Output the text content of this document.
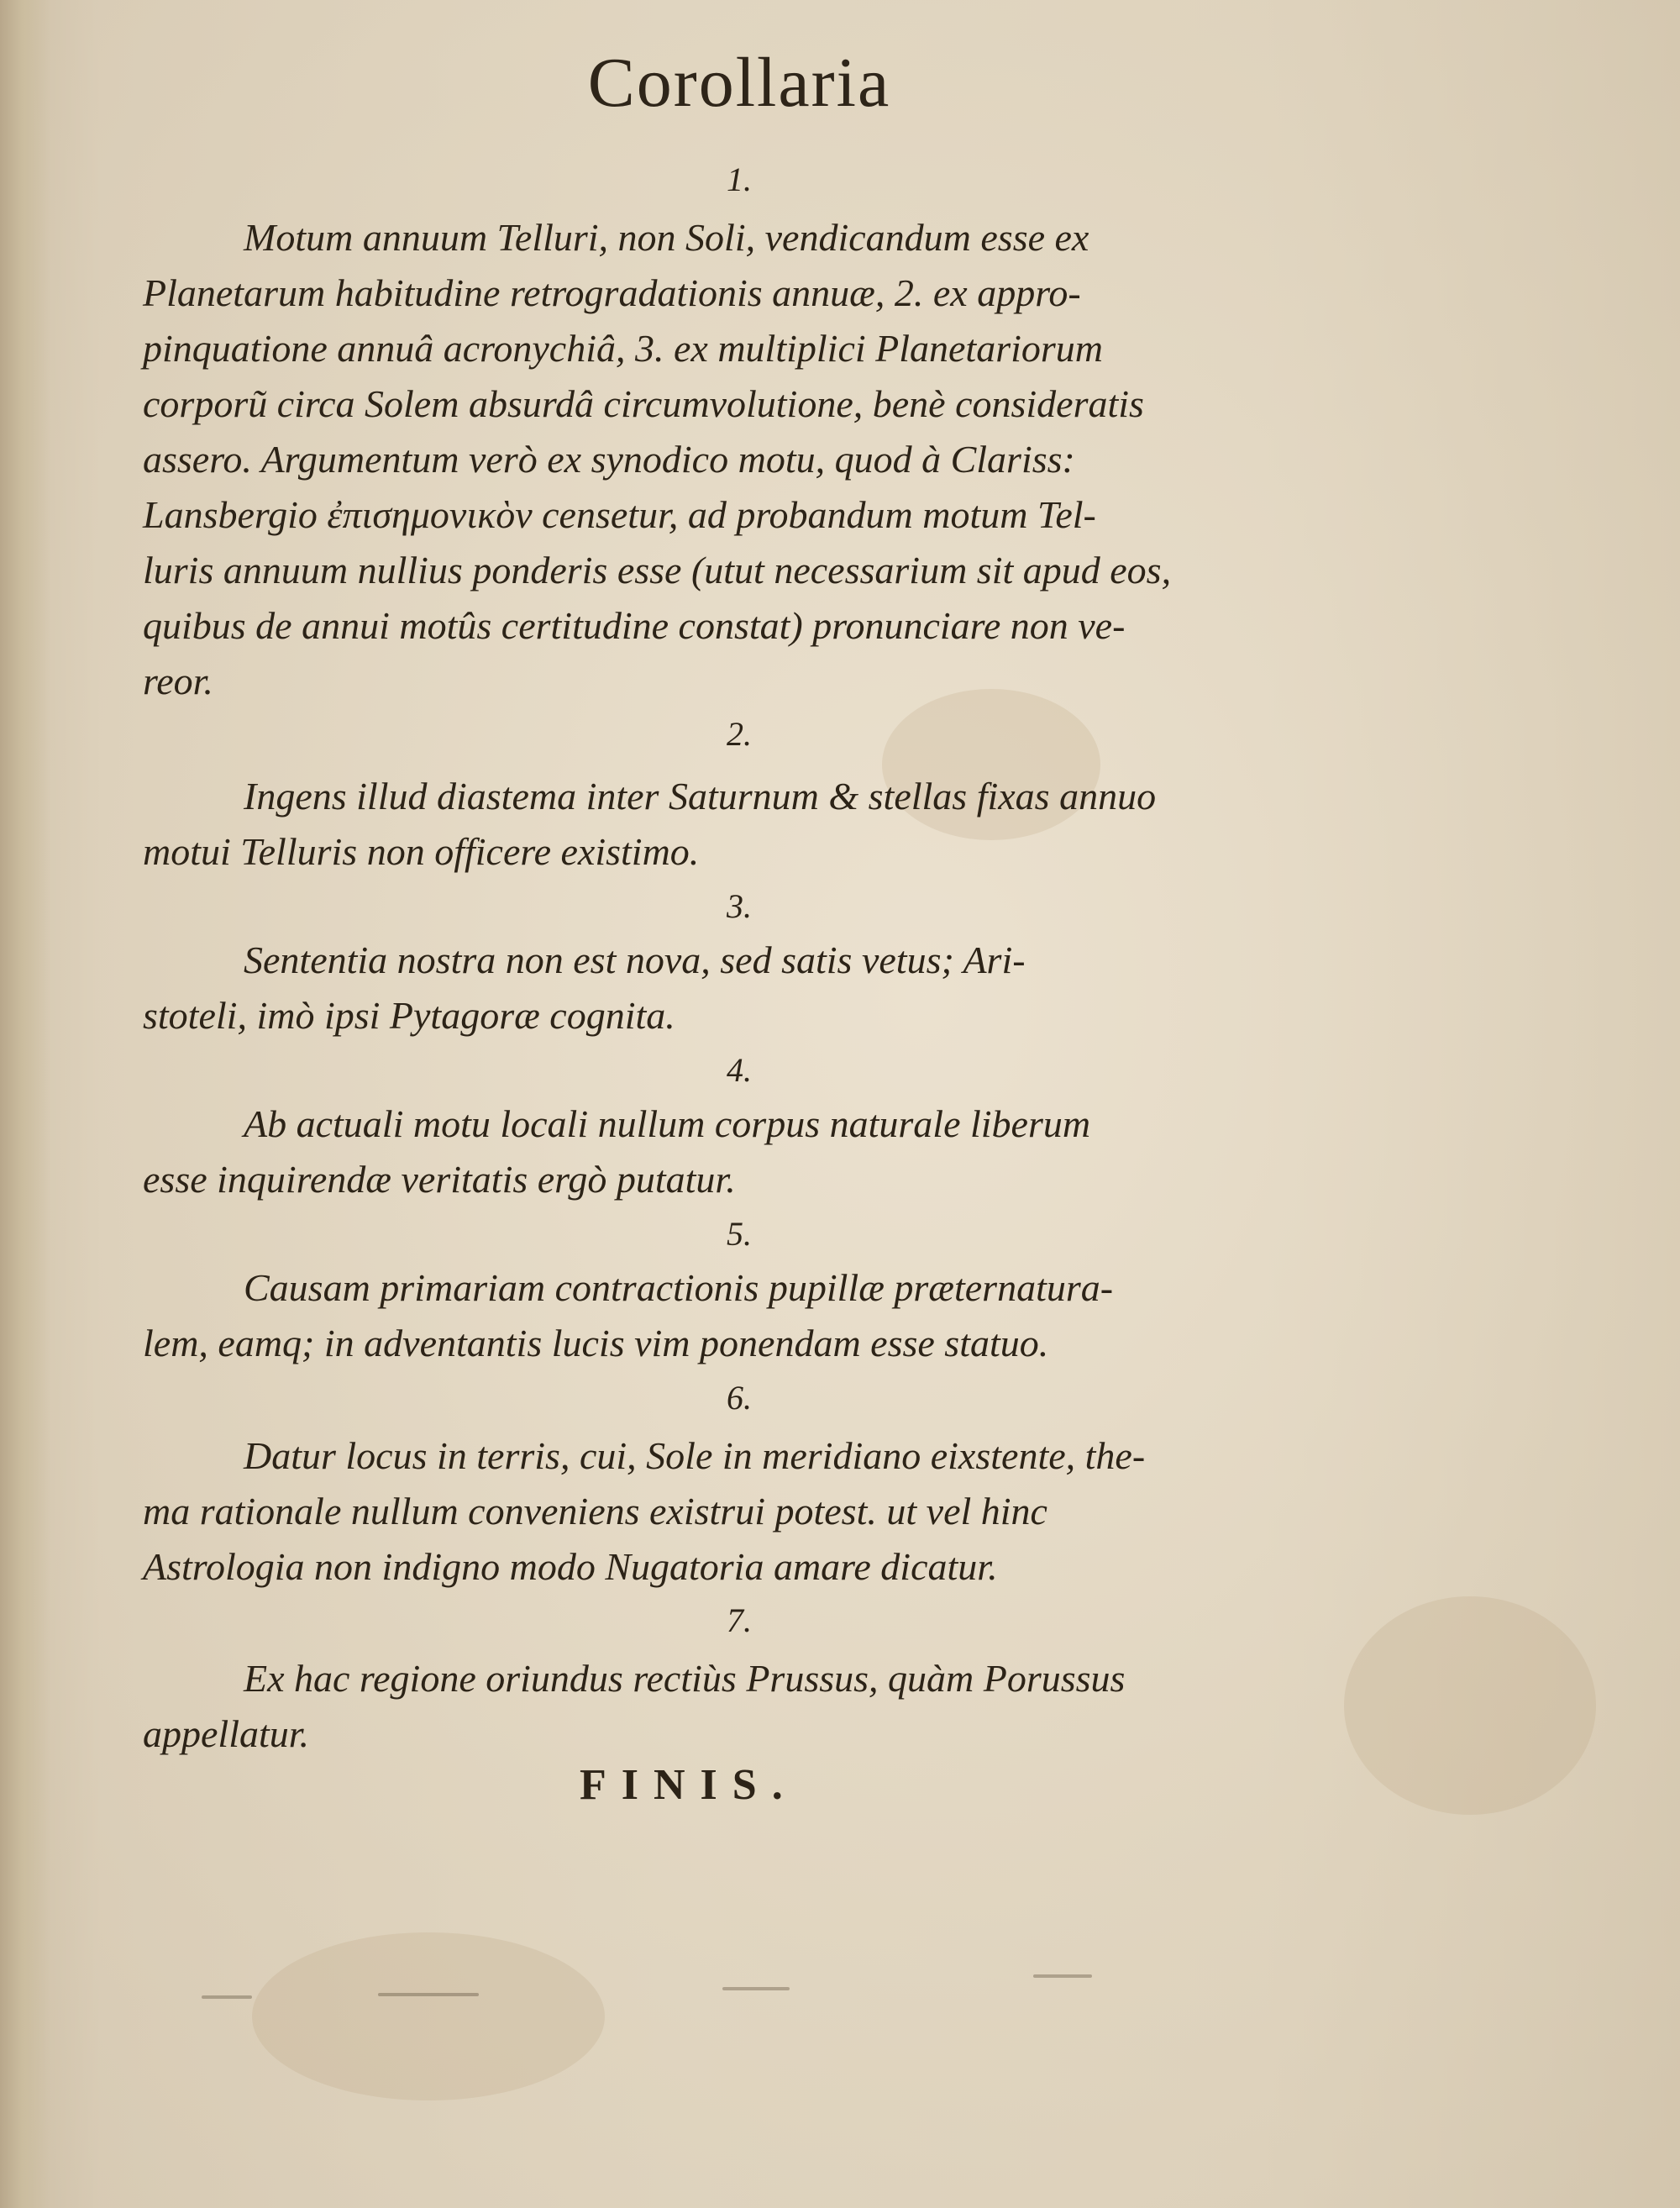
Corollaria
1.
Motum annuum Telluri, non Soli, vendicandum esse ex
Planetarum habitudine retrogradationis annuæ, 2. ex appro-
pinquatione annuâ acronychiâ, 3. ex multiplici Planetariorum
corporũ circa Solem absurdâ circumvolutione, benè consideratis
assero. Argumentum verò ex synodico motu, quod à Clariss:
Lansbergio ἐπισημονικὸν censetur, ad probandum motum Tel-
luris annuum nullius ponderis esse (utut necessarium sit apud eos,
quibus de annui motûs certitudine constat) pronunciare non ve-
reor.
2.
Ingens illud diastema inter Saturnum & stellas fixas annuo
motui Telluris non officere existimo.
3.
Sententia nostra non est nova, sed satis vetus; Ari-
stoteli, imò ipsi Pytagoræ cognita.
4.
Ab actuali motu locali nullum corpus naturale liberum
esse inquirendæ veritatis ergò putatur.
5.
Causam primariam contractionis pupillæ præternatura-
lem, eamq; in adventantis lucis vim ponendam esse statuo.
6.
Datur locus in terris, cui, Sole in meridiano eixstente, the-
ma rationale nullum conveniens existrui potest. ut vel hinc
Astrologia non indigno modo Nugatoria amare dicatur.
7.
Ex hac regione oriundus rectiùs Prussus, quàm Porussus
appellatur.
FINIS.
